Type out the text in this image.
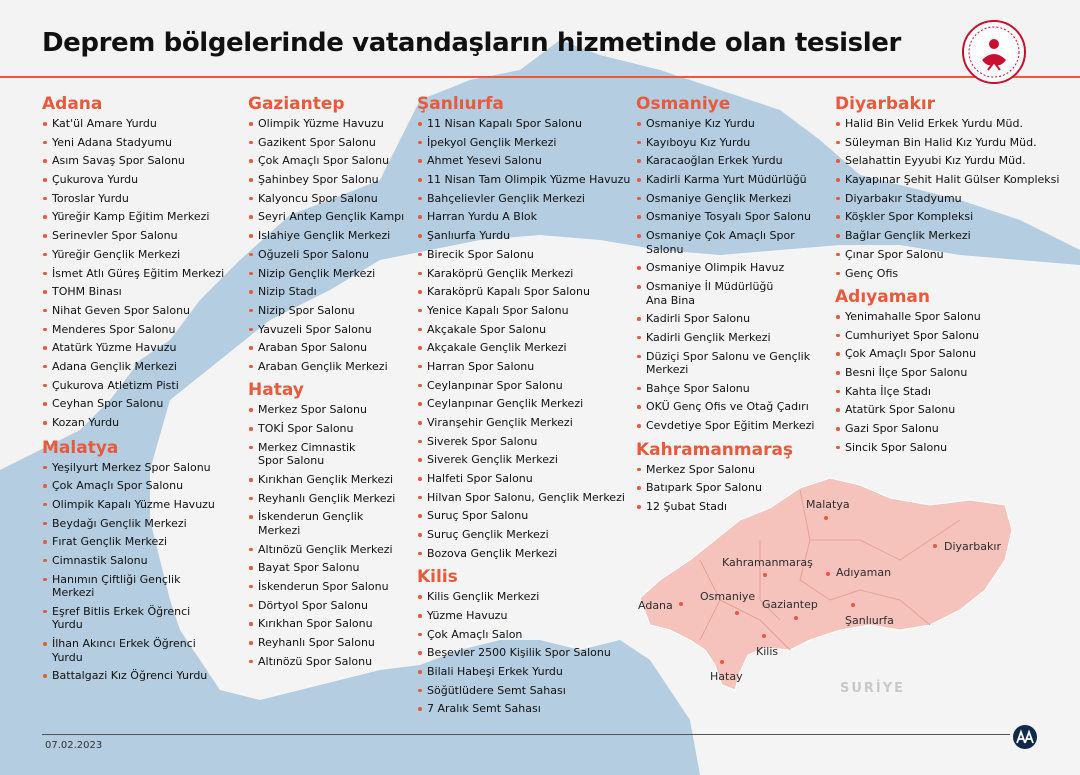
Malatya
Diyarbakır
Kahramanmaraş
Adıyaman
Adana
Osmaniye
Gaziantep
Şanlıurfa
Kilis
Hatay
SURİYE
Deprem bölgelerinde vatandaşların hizmetinde olan tesisler
Adana
Kat'ül Amare Yurdu
Yeni Adana Stadyumu
Asım Savaş Spor Salonu
Çukurova Yurdu
Toroslar Yurdu
Yüreğir Kamp Eğitim Merkezi
Serinevler Spor Salonu
Yüreğir Gençlik Merkezi
İsmet Atlı Güreş Eğitim Merkezi
TOHM Binası
Nihat Geven Spor Salonu
Menderes Spor Salonu
Atatürk Yüzme Havuzu
Adana Gençlik Merkezi
Çukurova Atletizm Pisti
Ceyhan Spor Salonu
Kozan Yurdu
Malatya
Yeşilyurt Merkez Spor Salonu
Çok Amaçlı Spor Salonu
Olimpik Kapalı Yüzme Havuzu
Beydağı Gençlik Merkezi
Fırat Gençlik Merkezi
Cimnastik Salonu
Hanımın Çiftliği Gençlik Merkezi
Eşref Bitlis Erkek Öğrenci Yurdu
İlhan Akıncı Erkek Öğrenci Yurdu
Battalgazi Kız Öğrenci Yurdu
Gaziantep
Olimpik Yüzme Havuzu
Gazikent Spor Salonu
Çok Amaçlı Spor Salonu
Şahinbey Spor Salonu
Kalyoncu Spor Salonu
Seyri Antep Gençlik Kampı
Islahiye Gençlik Merkezi
Oğuzeli Spor Salonu
Nizip Gençlik Merkezi
Nizip Stadı
Nizip Spor Salonu
Yavuzeli Spor Salonu
Araban Spor Salonu
Araban Gençlik Merkezi
Hatay
Merkez Spor Salonu
TOKİ Spor Salonu
Merkez Cimnastik Spor Salonu
Kırıkhan Gençlik Merkezi
Reyhanlı Gençlik Merkezi
İskenderun Gençlik Merkezi
Altınözü Gençlik Merkezi
Bayat Spor Salonu
İskenderun Spor Salonu
Dörtyol Spor Salonu
Kırıkhan Spor Salonu
Reyhanlı Spor Salonu
Altınözü Spor Salonu
Şanlıurfa
11 Nisan Kapalı Spor Salonu
İpekyol Gençlik Merkezi
Ahmet Yesevi Salonu
11 Nisan Tam Olimpik Yüzme Havuzu
Bahçelievler Gençlik Merkezi
Harran Yurdu A Blok
Şanlıurfa Yurdu
Birecik Spor Salonu
Karaköprü Gençlik Merkezi
Karaköprü Kapalı Spor Salonu
Yenice Kapalı Spor Salonu
Akçakale Spor Salonu
Akçakale Gençlik Merkezi
Harran Spor Salonu
Ceylanpınar Spor Salonu
Ceylanpınar Gençlik Merkezi
Viranşehir Gençlik Merkezi
Siverek Spor Salonu
Siverek Gençlik Merkezi
Halfeti Spor Salonu
Hilvan Spor Salonu, Gençlik Merkezi
Suruç Spor Salonu
Suruç Gençlik Merkezi
Bozova Gençlik Merkezi
Kilis
Kilis Gençlik Merkezi
Yüzme Havuzu
Çok Amaçlı Salon
Beşevler 2500 Kişilik Spor Salonu
Bilali Habeşi Erkek Yurdu
Söğütlüdere Semt Sahası
7 Aralık Semt Sahası
Osmaniye
Osmaniye Kız Yurdu
Kayıboyu Kız Yurdu
Karacaoğlan Erkek Yurdu
Kadirli Karma Yurt Müdürlüğü
Osmaniye Gençlik Merkezi
Osmaniye Tosyalı Spor Salonu
Osmaniye Çok Amaçlı Spor Salonu
Osmaniye Olimpik Havuz
Osmaniye İl Müdürlüğü Ana Bina
Kadirli Spor Salonu
Kadirli Gençlik Merkezi
Düziçi Spor Salonu ve Gençlik Merkezi
Bahçe Spor Salonu
OKÜ Genç Ofis ve Otağ Çadırı
Cevdetiye Spor Eğitim Merkezi
Kahramanmaraş
Merkez Spor Salonu
Batıpark Spor Salonu
12 Şubat Stadı
Diyarbakır
Halid Bin Velid Erkek Yurdu Müd.
Süleyman Bin Halid Kız Yurdu Müd.
Selahattin Eyyubi Kız Yurdu Müd.
Kayapınar Şehit Halit Gülser Kompleksi
Diyarbakır Stadyumu
Köşkler Spor Kompleksi
Bağlar Gençlik Merkezi
Çınar Spor Salonu
Genç Ofis
Adıyaman
Yenimahalle Spor Salonu
Cumhuriyet Spor Salonu
Çok Amaçlı Spor Salonu
Besni İlçe Spor Salonu
Kahta İlçe Stadı
Atatürk Spor Salonu
Gazi Spor Salonu
Sincik Spor Salonu
07.02.2023
